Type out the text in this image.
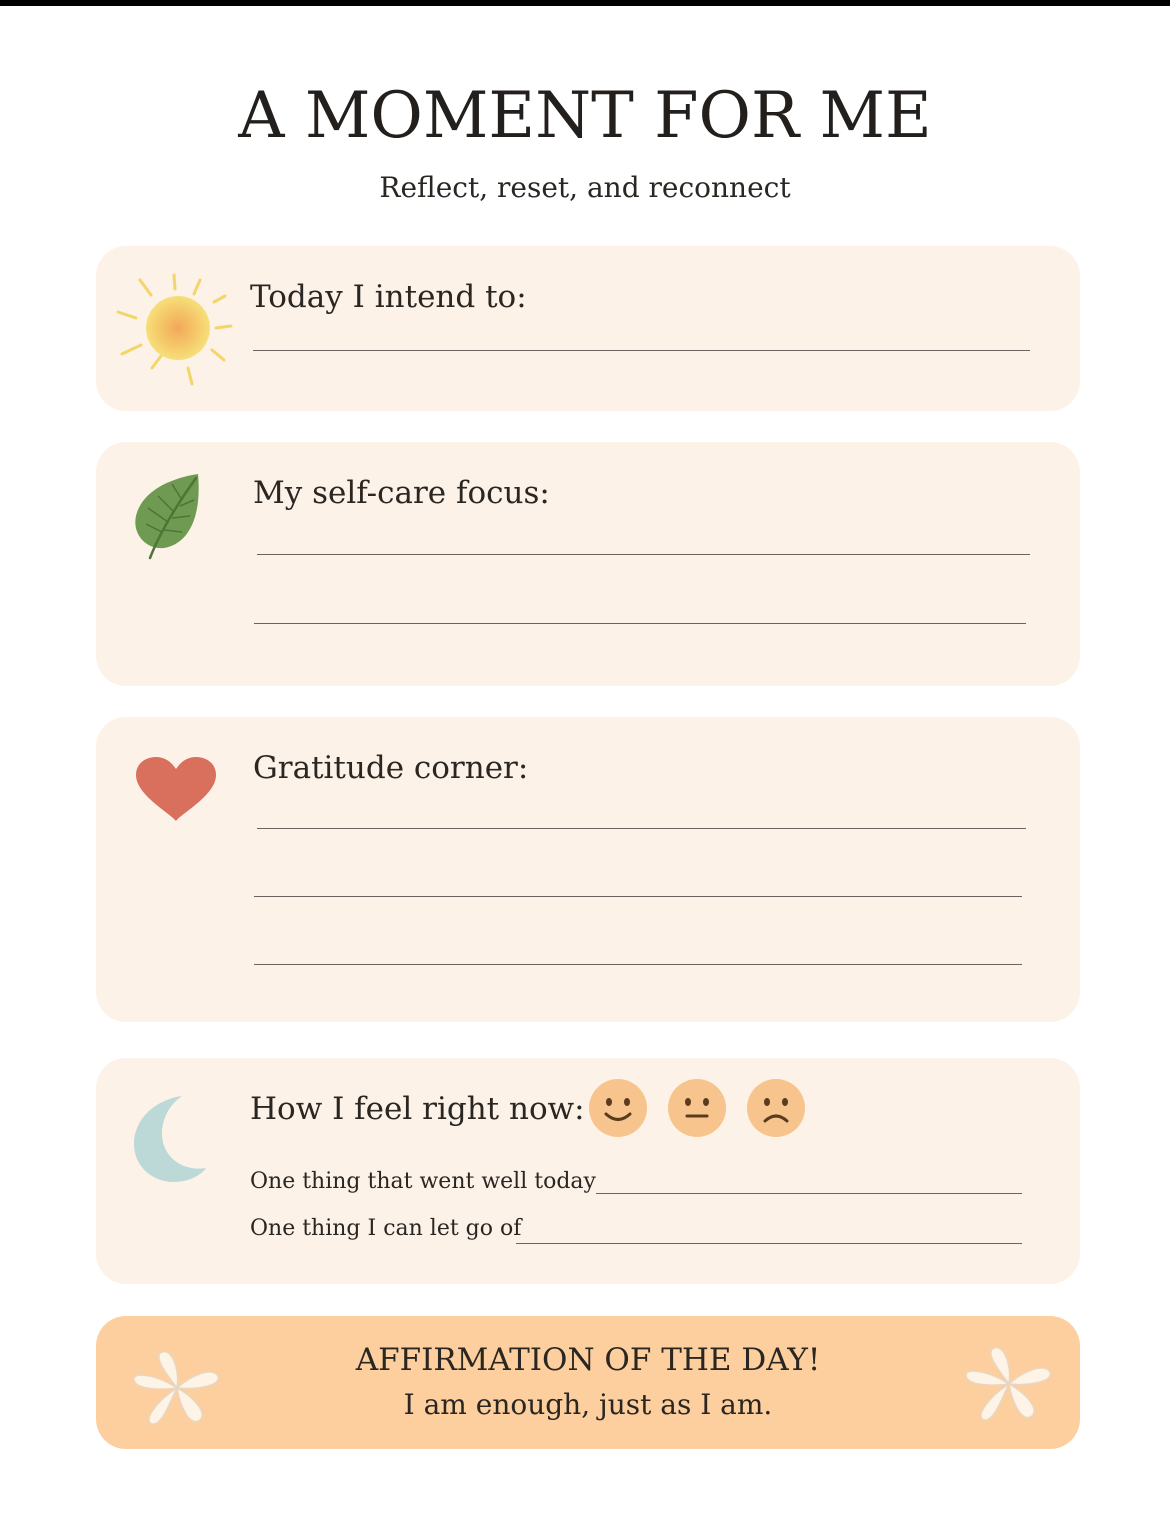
A MOMENT FOR ME
Reflect, reset, and reconnect
Today I intend to:
My self-care focus:
Gratitude corner:
How I feel right now:
One thing that went well today
One thing I can let go of
AFFIRMATION OF THE DAY!
I am enough, just as I am.
